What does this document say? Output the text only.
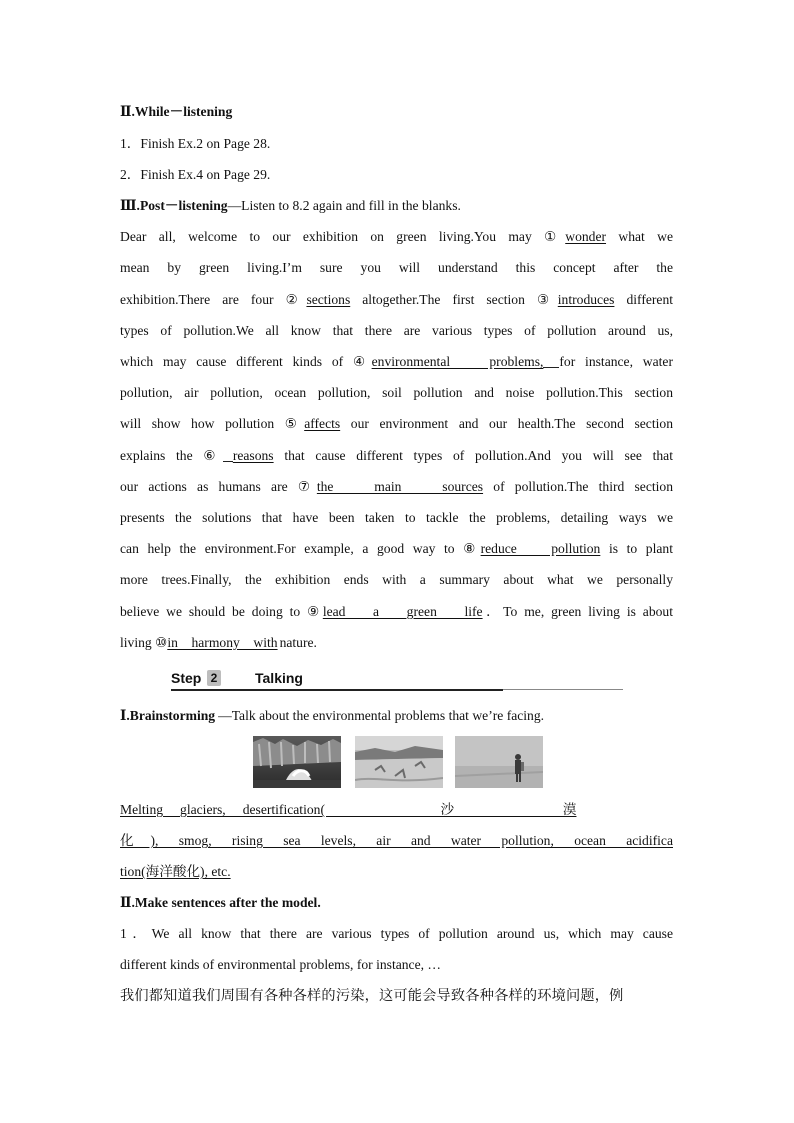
Ⅱ.While－listening
1．Finish Ex.2 on Page 28.
2．Finish Ex.4 on Page 29.
Ⅲ.Post－listening—Listen to 8.2 again and fill in the blanks.
Dear all, welcome to our exhibition on green living.You may ①wonder what we
mean by green living.I’m sure you will understand this concept after the
exhibition.There are four ②sections altogether.The first section ③introduces different
types of pollution.We all know that there are various types of pollution around us,
which may cause different kinds of ④environmental    problems, for instance, water
pollution, air pollution, ocean pollution, soil pollution and noise pollution.This section
will show how pollution ⑤affects our environment and our health.The second section
explains the ⑥ reasons that cause different types of pollution.And you will see that
our actions as humans are ⑦the    main    sources of pollution.The third section
presents the solutions that have been taken to tackle the problems, detailing ways we
can help the environment.For example, a good way to ⑧reduce    pollution is to plant
more trees.Finally, the exhibition ends with a summary about what we personally
believe we should be doing to ⑨lead    a    green    life．To me, green living is about
living ⑩in    harmony    with nature.
Step 2	Talking
Ⅰ.Brainstorming —Talk about the environmental problems that we’re facing.
Melting     glaciers,     desertification(                                  沙                                漠
化), smog, rising sea levels, air and water pollution, ocean acidifica
tion(海洋酸化), etc.
Ⅱ.Make sentences after the model.
1．We all know that there are various types of pollution around us, which may cause
different kinds of environmental problems, for instance, …
我们都知道我们周围有各种各样的污染，这可能会导致各种各样的环境问题，例
